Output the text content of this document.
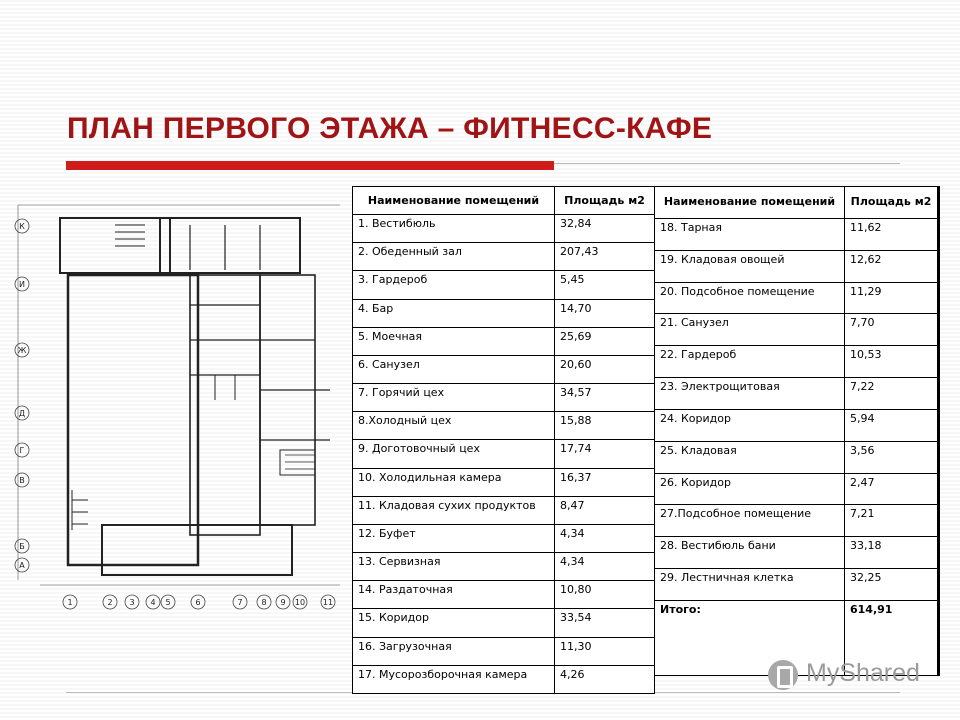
ПЛАН ПЕРВОГО ЭТАЖА – ФИТНЕСС-КАФЕ
К
И
Ж
Д
Г
В
Б
А
1	2 3 4 5	6	7 8 9 10 11
Наименование помещений	Площадь м2
1. Вестибюль	32,84
2. Обеденный зал	207,43
3. Гардероб	5,45
4. Бар	14,70
5. Моечная	25,69
6. Санузел	20,60
7. Горячий цех	34,57
8.Холодный цех	15,88
9. Доготовочный цех	17,74
10. Холодильная камера	16,37
11. Кладовая сухих продуктов	8,47
12. Буфет	4,34
13. Сервизная	4,34
14. Раздаточная	10,80
15. Коридор	33,54
16. Загрузочная	11,30
17. Мусорозборочная камера	4,26
Наименование помещений	Площадь м2
18. Тарная	11,62
19. Кладовая овощей	12,62
20. Подсобное помещение	11,29
21. Санузел	7,70
22. Гардероб	10,53
23. Электрощитовая	7,22
24. Коридор	5,94
25. Кладовая	3,56
26. Коридор	2,47
27.Подсобное помещение	7,21
28. Вестибюль бани	33,18
29. Лестничная клетка	32,25
Итого:	614,91
MyShared
